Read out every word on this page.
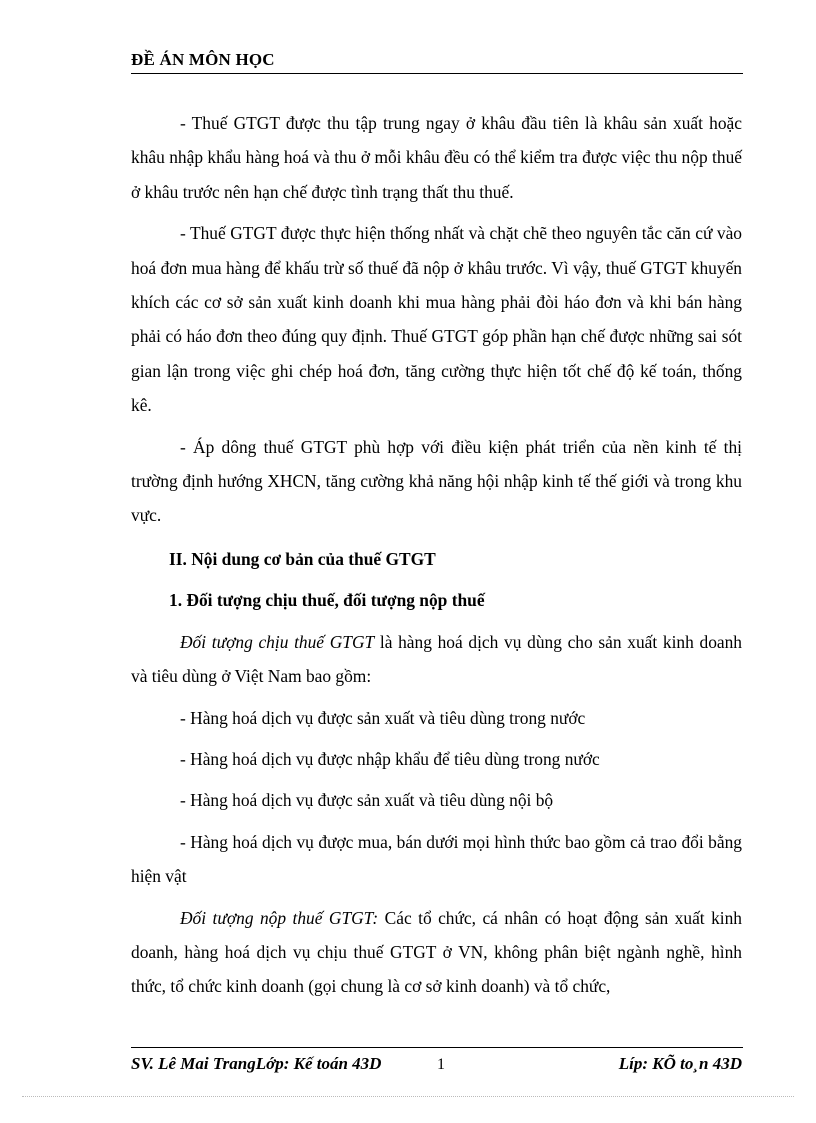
ĐỀ ÁN MÔN HỌC

- Thuế GTGT được thu tập trung ngay ở khâu đầu tiên là khâu sản xuất hoặc khâu nhập khẩu hàng hoá và thu ở mỗi khâu đều có thể kiểm tra được việc thu nộp thuế ở khâu trước nên hạn chế được tình trạng thất thu thuế.

- Thuế GTGT được thực hiện thống nhất và chặt chẽ theo nguyên tắc căn cứ vào hoá đơn mua hàng để khấu trừ số thuế đã nộp ở khâu trước. Vì vậy, thuế GTGT khuyến khích các cơ sở sản xuất kinh doanh khi mua hàng phải đòi háo đơn và khi bán hàng phải có háo đơn theo đúng quy định. Thuế GTGT góp phần hạn chế được những sai sót gian lận trong việc ghi chép hoá đơn, tăng cường thực hiện tốt chế độ kế toán, thống kê.

- Áp dông thuế GTGT phù hợp với điều kiện phát triển của nền kinh tế thị trường định hướng XHCN, tăng cường khả năng hội nhập kinh tế thế giới và trong khu vực.

II. Nội dung cơ bản của thuế GTGT

1. Đối tượng chịu thuế, đối tượng nộp thuế

Đối tượng chịu thuế GTGT là hàng hoá dịch vụ dùng cho sản xuất kinh doanh và tiêu dùng ở Việt Nam bao gồm:

- Hàng hoá dịch vụ được sản xuất và tiêu dùng trong nước

- Hàng hoá dịch vụ được nhập khẩu để tiêu dùng trong nước

- Hàng hoá dịch vụ được sản xuất và tiêu dùng nội bộ

- Hàng hoá dịch vụ được mua, bán dưới mọi hình thức bao gồm cả trao đổi bằng hiện vật

Đối tượng nộp thuế GTGT: Các tổ chức, cá nhân có hoạt động sản xuất kinh doanh, hàng hoá dịch vụ chịu thuế GTGT ở VN, không phân biệt ngành nghề, hình thức, tổ chức kinh doanh (gọi chung là cơ sở kinh doanh) và tổ chức,

SV. Lê Mai TrangLớp: Kế toán 43D	1	Líp: KÕ to¸n 43D
